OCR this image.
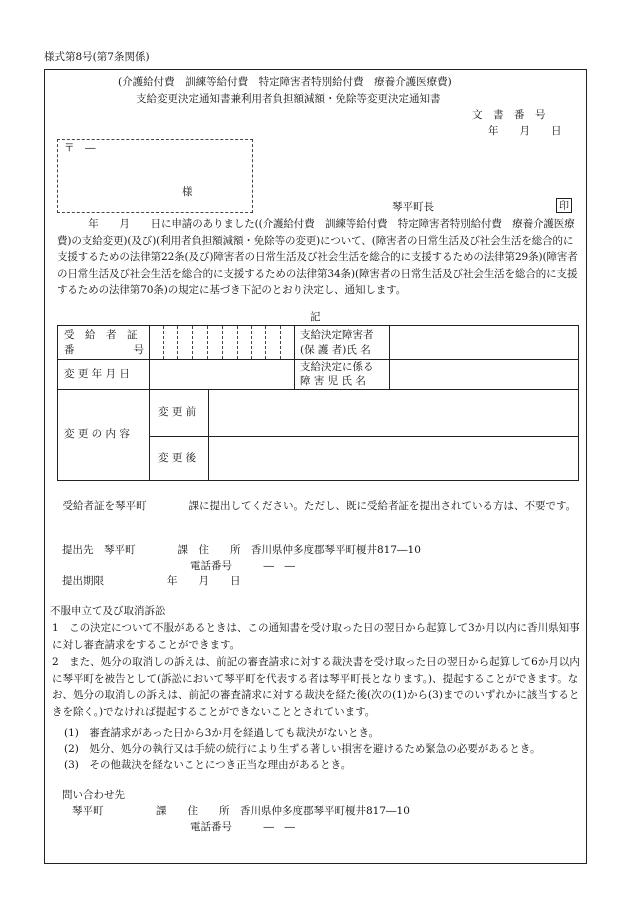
様式第8号(第7条関係)
(介護給付費　訓練等給付費　特定障害者特別給付費　療養介護医療費)
支給変更決定通知書兼利用者負担額減額・免除等変更決定通知書
文　書　番　号
年　　月　　日
〒　―
様
琴平町長	印
　　　年　　月　　日に申請のありました((介護給付費　訓練等給付費　特定障害者特別給付費　療養介護医療費)の支給変更)(及び)(利用者負担額減額・免除等の変更)について、(障害者の日常生活及び社会生活を総合的に支援するための法律第22条(及び)障害者の日常生活及び社会生活を総合的に支援するための法律第29条)(障害者の日常生活及び社会生活を総合的に支援するための法律第34条)(障害者の日常生活及び社会生活を総合的に支援するための法律第70条)の規定に基づき下記のとおり決定し、通知します。
記
受　給　者　証
番	号
支給決定障害者
(保 護 者)氏 名
変 更 年 月 日
支給決定に係る
障 害 児 氏 名
変 更 の 内 容
変 更 前
変 更 後
　受給者証を琴平町　　　　課に提出してください。ただし、既に受給者証を提出されている方は、不要です。
提出先　琴平町　　　　課　住　　所　香川県仲多度郡琴平町榎井817―10
電話番号　　　―　―
提出期限　　　　　　年　　月　　日
不服申立て及び取消訴訟
1　この決定について不服があるときは、この通知書を受け取った日の翌日から起算して3か月以内に香川県知事に対し審査請求をすることができます。
2　また、処分の取消しの訴えは、前記の審査請求に対する裁決書を受け取った日の翌日から起算して6か月以内に琴平町を被告として(訴訟において琴平町を代表する者は琴平町長となります。)、提起することができます。なお、処分の取消しの訴えは、前記の審査請求に対する裁決を経た後(次の(1)から(3)までのいずれかに該当するときを除く。)でなければ提起することができないこととされています。
(1)　審査請求があった日から3か月を経過しても裁決がないとき。
(2)　処分、処分の執行又は手続の続行により生ずる著しい損害を避けるため緊急の必要があるとき。
(3)　その他裁決を経ないことにつき正当な理由があるとき。
問い合わせ先
琴平町　　　　　課　　住　　所　香川県仲多度郡琴平町榎井817―10
電話番号　　　―　―
